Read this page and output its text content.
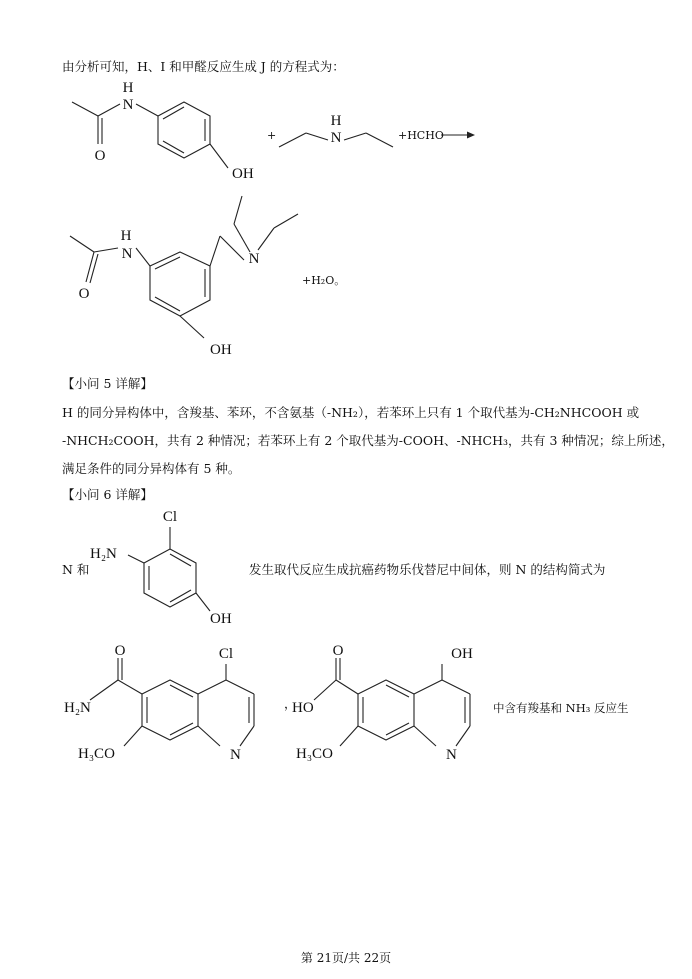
由分析可知，H、I 和甲醛反应生成 J 的方程式为：
H
N
O
OH
+
H
N	+HCHO
H
N
O
N
OH
+H₂O。
【小问 5 详解】
H 的同分异构体中，含羧基、苯环，不含氨基（-NH₂），若苯环上只有 1 个取代基为-CH₂NHCOOH 或
-NHCH₂COOH，共有 2 种情况；若苯环上有 2 个取代基为-COOH、-NHCH₃，共有 3 种情况；综上所述，
满足条件的同分异构体有 5 种。
【小问 6 详解】
N 和
Cl
H₂N
OH
发生取代反应生成抗癌药物乐伐替尼中间体，则 N 的结构简式为
O	Cl
H₂N
H₃CO	N
，
O	OH
HO
H₃CO	N
中含有羧基和 NH₃ 反应生
第 21页/共 22页
